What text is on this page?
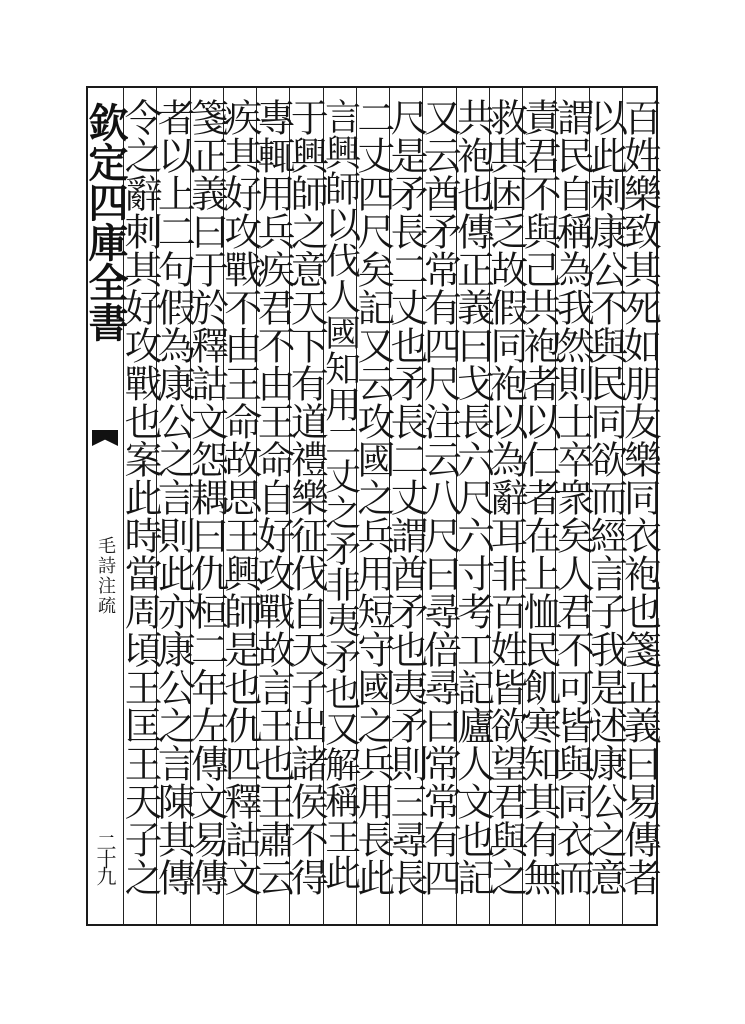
欽定四庫全書
毛詩注疏
二十九 令之辭刺其好攻戰也案此時當周頃王匡王天子之
者以上二句假為康公之言則此亦康公之言陳其傳
箋正義曰于於釋詁文怨耦曰仇桓二年左傳文易傳
疾其好攻戰不由王命故思王興師是也仇匹釋詁文
專輒用兵疾君不由王命自好攻戰故言王也王肅云
于興師之意天下有道禮樂征伐自天子出諸侯不得
言興師以伐人國知用二丈之矛非夷矛也又解稱王此
二丈四尺矣記又云攻國之兵用短守國之兵用長此
尺是矛長二丈也矛長二丈謂酋矛也夷矛則三尋長
又云酋矛常有四尺注云八尺曰尋倍尋曰常常有四
共袍也傳正義曰戈長六尺六寸考工記廬人文也記
救其困乏故假同袍以為辭耳非百姓皆欲望君與之
責君不與己共袍者以仁者在上恤民飢寒知其有無
謂民自稱為我然則士卒衆矣人君不可皆與同衣而
以此刺康公不與民同欲而經言子我是述康公之意
百姓樂致其死如朋友樂同衣袍也箋正義曰易傳者
